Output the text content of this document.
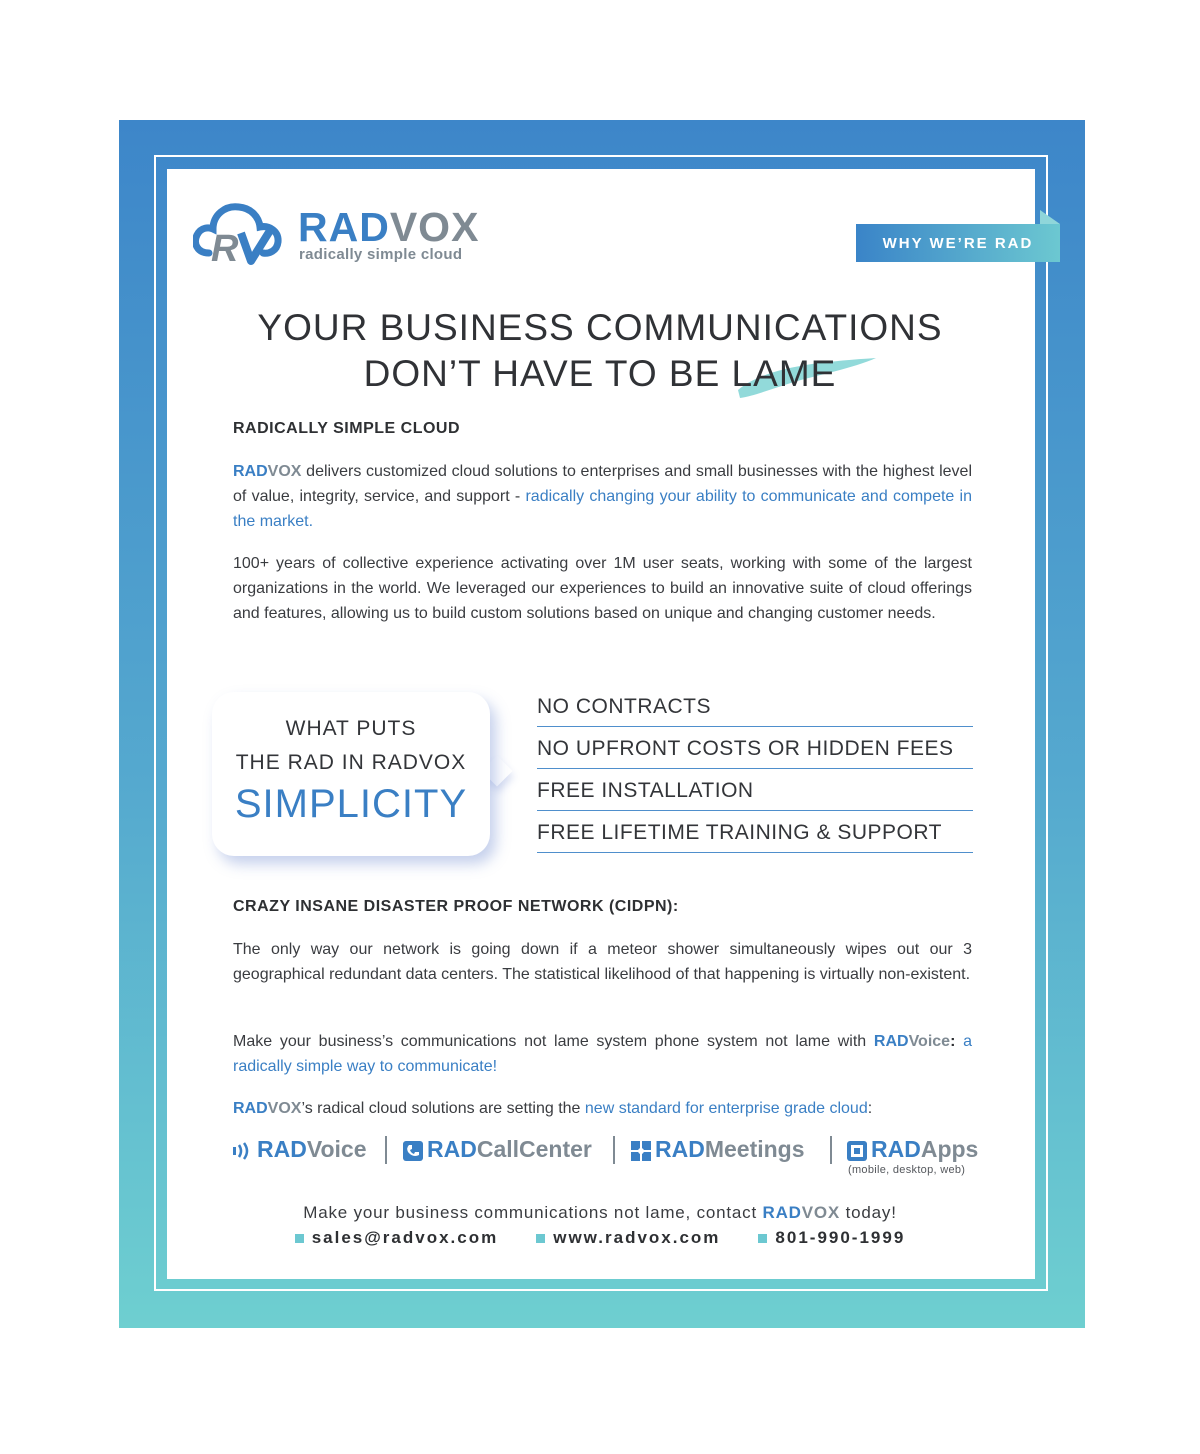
R RADVOX
radically simple cloud
WHY WE’RE RAD
YOUR BUSINESS COMMUNICATIONS
DON’T HAVE TO BE LAME
RADICALLY SIMPLE CLOUD

RADVOX delivers customized cloud solutions to enterprises and small businesses with the highest level of value, integrity, service, and support - radically changing your ability to communicate and compete in the market.

100+ years of collective experience activating over 1M user seats, working with some of the largest organizations in the world. We leveraged our experiences to build an innovative suite of cloud offerings and features, allowing us to build custom solutions based on unique and changing customer needs.

WHAT PUTS
THE RAD IN RADVOX
SIMPLICITY
NO CONTRACTS
NO UPFRONT COSTS OR HIDDEN FEES
FREE INSTALLATION
FREE LIFETIME TRAINING & SUPPORT
CRAZY INSANE DISASTER PROOF NETWORK (CIDPN):

The only way our network is going down if a meteor shower simultaneously wipes out our 3 geographical redundant data centers. The statistical likelihood of that happening is virtually non-existent.

Make your business’s communications not lame system phone system not lame with RADVoice: a radically simple way to communicate!

RADVOX’s radical cloud solutions are setting the new standard for enterprise grade cloud:

RADVoice	RADCallCenter	RADMeetings	RADApps
(mobile, desktop, web)
Make your business communications not lame, contact RADVOX today!
sales@radvox.com	www.radvox.com	801-990-1999
